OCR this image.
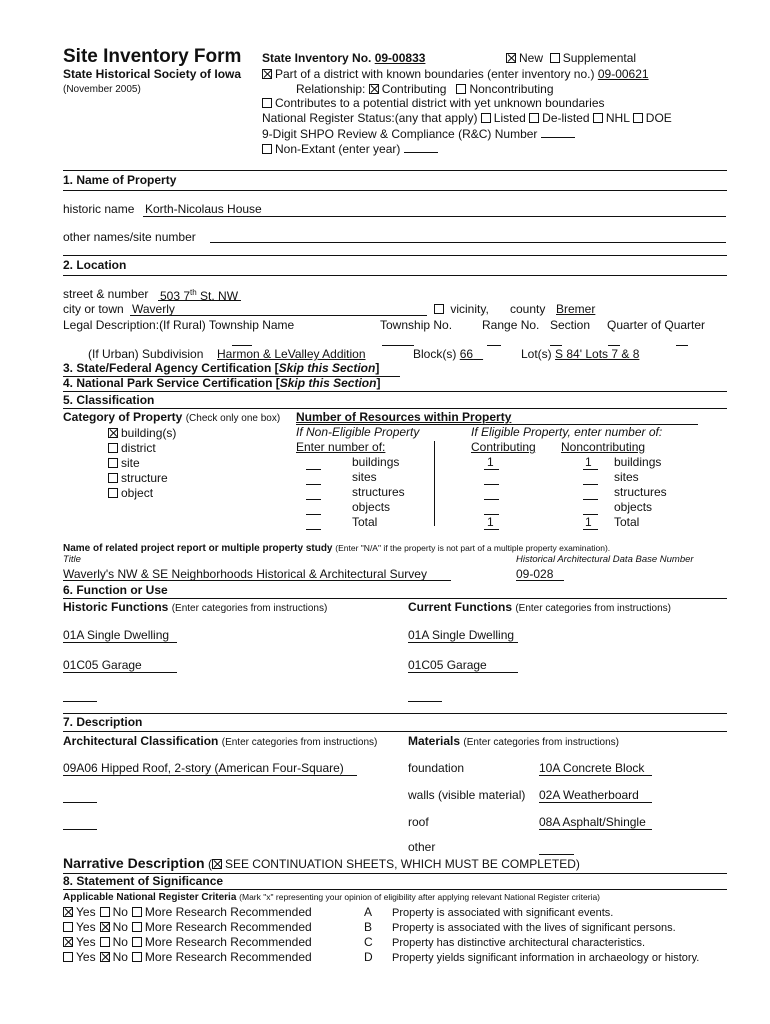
Site Inventory Form
State Historical Society of Iowa
(November 2005)
State Inventory No. 09-00833	New Supplemental
Part of a district with known boundaries (enter inventory no.) 09-00621
Relationship: Contributing Noncontributing
Contributes to a potential district with yet unknown boundaries
National Register Status:(any that apply) Listed De-listed NHL DOE
9-Digit SHPO Review & Compliance (R&C) Number
Non-Extant (enter year)
1. Name of Property
historic name Korth-Nicolaus House
other names/site number
2. Location
street & number 503 7th St. NW
city or town Waverly	vicinity, county Bremer
Legal Description:(If Rural) Township Name	Township No. Range No. Section Quarter of Quarter
(If Urban) Subdivision Harmon & LeValley Addition	Block(s) 66	Lot(s) S 84' Lots 7 & 8
3. State/Federal Agency Certification [Skip this Section]
4. National Park Service Certification [Skip this Section]
5. Classification
Category of Property (Check only one box)
building(s)
district
site
structure
object
Number of Resources within Property
If Non-Eligible Property	If Eligible Property, enter number of:
Enter number of:	Contributing Noncontributing
buildings	1	1 buildings
sites	sites
structures	structures
objects	objects
Total	1	1 Total
Name of related project report or multiple property study (Enter "N/A" if the property is not part of a multiple property examination).
Title	Historical Architectural Data Base Number
Waverly's NW & SE Neighborhoods Historical & Architectural Survey	09-028
6. Function or Use
Historic Functions (Enter categories from instructions)	Current Functions (Enter categories from instructions)
01A Single Dwelling	01A Single Dwelling
01C05 Garage	01C05 Garage
7. Description
Architectural Classification (Enter categories from instructions)	Materials (Enter categories from instructions)
09A06 Hipped Roof, 2-story (American Four-Square)	foundation	10A Concrete Block
walls (visible material) 02A Weatherboard
roof	08A Asphalt/Shingle
other
Narrative Description ( SEE CONTINUATION SHEETS, WHICH MUST BE COMPLETED)
8. Statement of Significance
Applicable National Register Criteria (Mark "x" representing your opinion of eligibility after applying relevant National Register criteria)
Yes No More Research Recommended	A Property is associated with significant events.
Yes No More Research Recommended	B Property is associated with the lives of significant persons.
Yes No More Research Recommended	C Property has distinctive architectural characteristics.
Yes No More Research Recommended	D Property yields significant information in archaeology or history.
